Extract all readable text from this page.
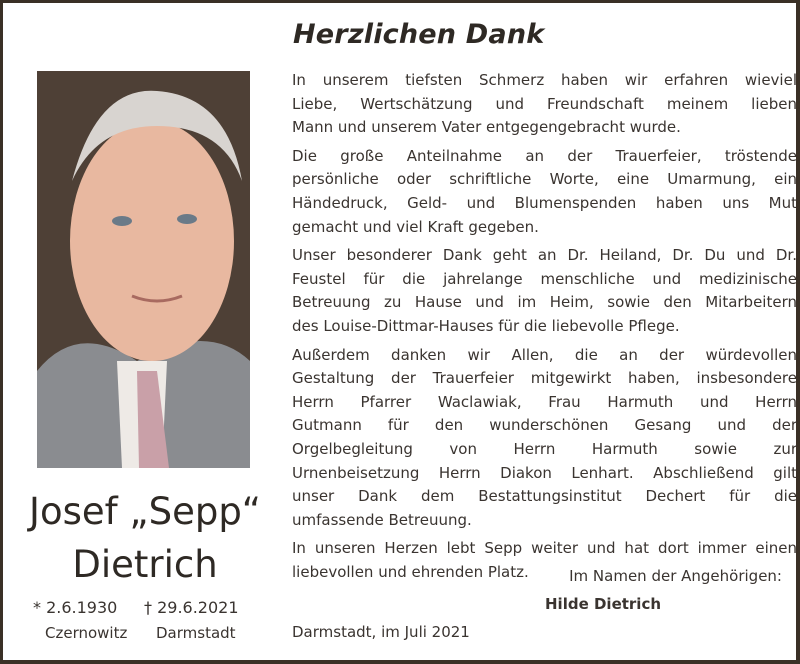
Herzlichen Dank
In unserem tiefsten Schmerz haben wir erfahren wieviel
Liebe, Wertschätzung und Freundschaft meinem lieben
Mann und unserem Vater entgegengebracht wurde.
Die große Anteilnahme an der Trauerfeier, tröstende
persönliche oder schriftliche Worte, eine Umarmung, ein
Händedruck, Geld- und Blumenspenden haben uns Mut
gemacht und viel Kraft gegeben.
Unser besonderer Dank geht an Dr. Heiland, Dr. Du und Dr.
Feustel für die jahrelange menschliche und medizinische
Betreuung zu Hause und im Heim, sowie den Mitarbeitern
des Louise-Dittmar-Hauses für die liebevolle Pflege.
Außerdem danken wir Allen, die an der würdevollen
Gestaltung der Trauerfeier mitgewirkt haben, insbesondere
Herrn Pfarrer Waclawiak, Frau Harmuth und Herrn
Gutmann für den wunderschönen Gesang und der
Orgelbegleitung von Herrn Harmuth sowie zur
Urnenbeisetzung Herrn Diakon Lenhart. Abschließend gilt
unser Dank dem Bestattungsinstitut Dechert für die
umfassende Betreuung.
In unseren Herzen lebt Sepp weiter und hat dort immer einen
liebevollen und ehrenden Platz.
Josef „Sepp“
Dietrich
* 2.6.1930 † 29.6.2021
Czernowitz Darmstadt
Im Namen der Angehörigen:
Hilde Dietrich
Darmstadt, im Juli 2021
